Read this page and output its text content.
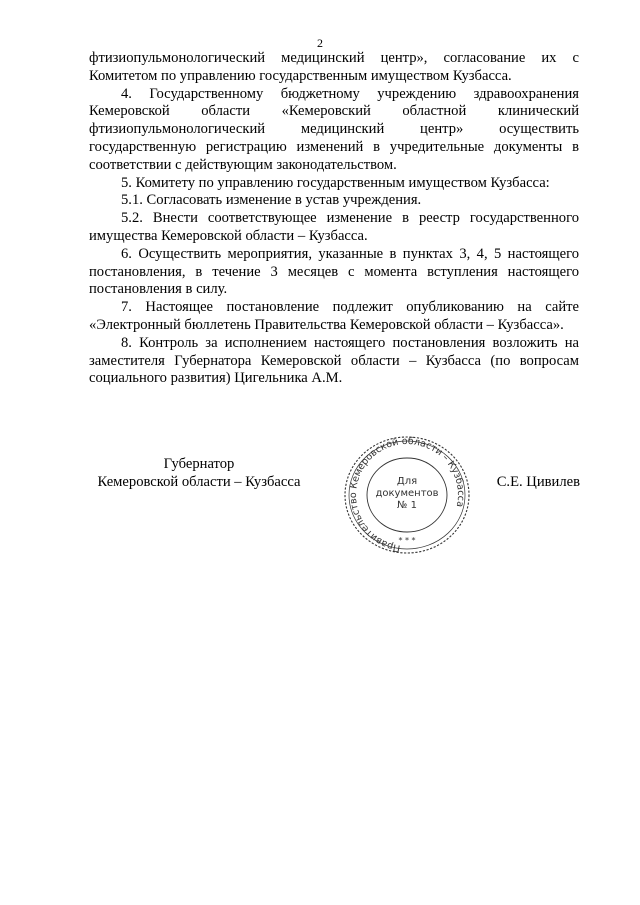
2

фтизиопульмонологический медицинский центр», согласование их с Комитетом по управлению государственным имуществом Кузбасса.

4. Государственному бюджетному учреждению здравоохранения Кемеровской области «Кемеровский областной клинический фтизиопульмонологический медицинский центр» осуществить государственную регистрацию изменений в учредительные документы в соответствии с действующим законодательством.

5. Комитету по управлению государственным имуществом Кузбасса:

5.1. Согласовать изменение в устав учреждения.

5.2. Внести соответствующее изменение в реестр государственного имущества Кемеровской области – Кузбасса.

6. Осуществить мероприятия, указанные в пунктах 3, 4, 5 настоящего постановления, в течение 3 месяцев с момента вступления настоящего постановления в силу.

7. Настоящее постановление подлежит опубликованию на сайте «Электронный бюллетень Правительства Кемеровской области – Кузбасса».

8. Контроль за исполнением настоящего постановления возложить на заместителя Губернатора Кемеровской области – Кузбасса (по вопросам социального развития) Цигельника А.М.

Губернатор
Кемеровской области – Кузбасса
Правительство Кемеровской области – Кузбасса
Для
документов
№ 1
* * *
С.Е. Цивилев
